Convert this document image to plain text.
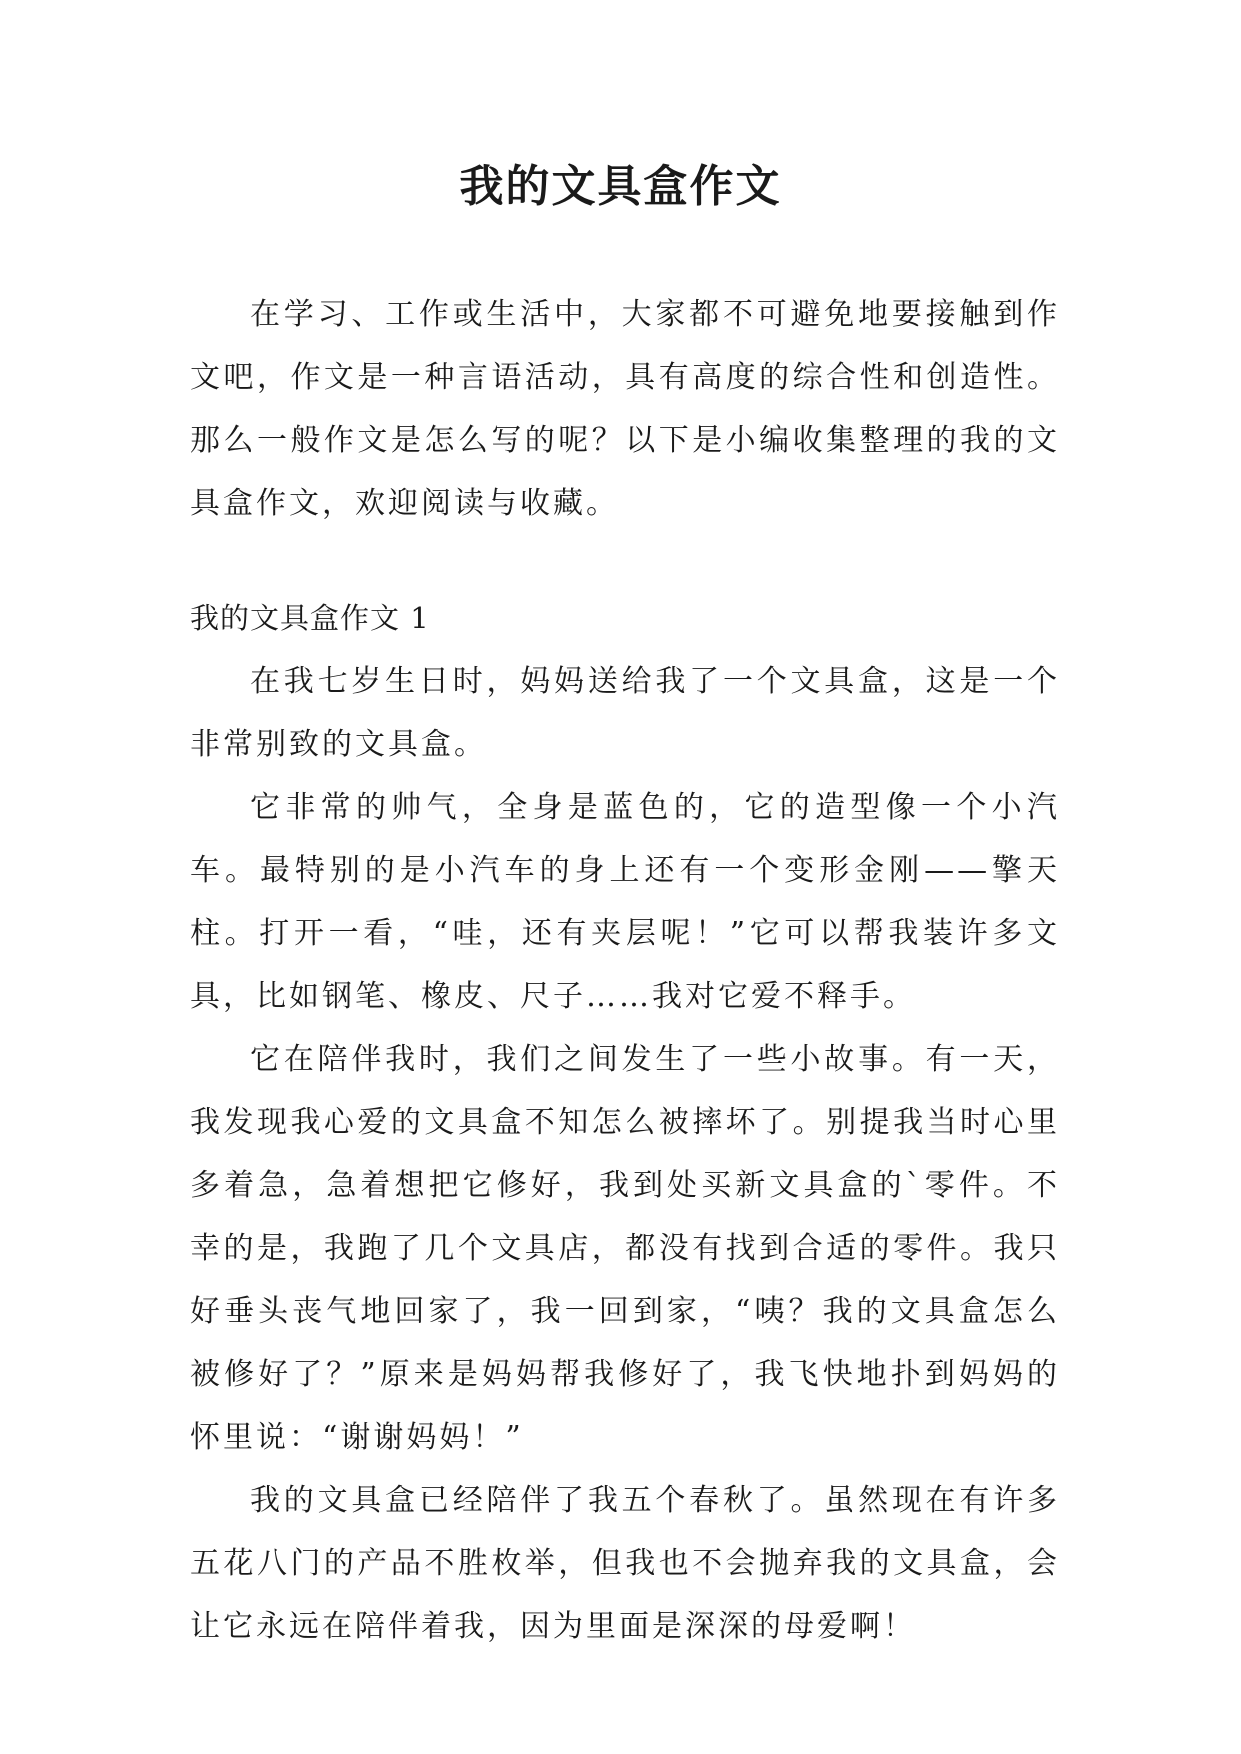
我的文具盒作文

在学习、工作或生活中，大家都不可避免地要接触到作文吧，作文是一种言语活动，具有高度的综合性和创造性。那么一般作文是怎么写的呢？以下是小编收集整理的我的文具盒作文，欢迎阅读与收藏。

我的文具盒作文 1

在我七岁生日时，妈妈送给我了一个文具盒，这是一个非常别致的文具盒。

它非常的帅气，全身是蓝色的，它的造型像一个小汽车。最特别的是小汽车的身上还有一个变形金刚——擎天柱。打开一看，“哇，还有夹层呢！”它可以帮我装许多文具，比如钢笔、橡皮、尺子……我对它爱不释手。

它在陪伴我时，我们之间发生了一些小故事。有一天，我发现我心爱的文具盒不知怎么被摔坏了。别提我当时心里多着急，急着想把它修好，我到处买新文具盒的`零件。不幸的是，我跑了几个文具店，都没有找到合适的零件。我只好垂头丧气地回家了，我一回到家，“咦？我的文具盒怎么被修好了？”原来是妈妈帮我修好了，我飞快地扑到妈妈的怀里说：“谢谢妈妈！”

我的文具盒已经陪伴了我五个春秋了。虽然现在有许多五花八门的产品不胜枚举，但我也不会抛弃我的文具盒，会让它永远在陪伴着我，因为里面是深深的母爱啊！
